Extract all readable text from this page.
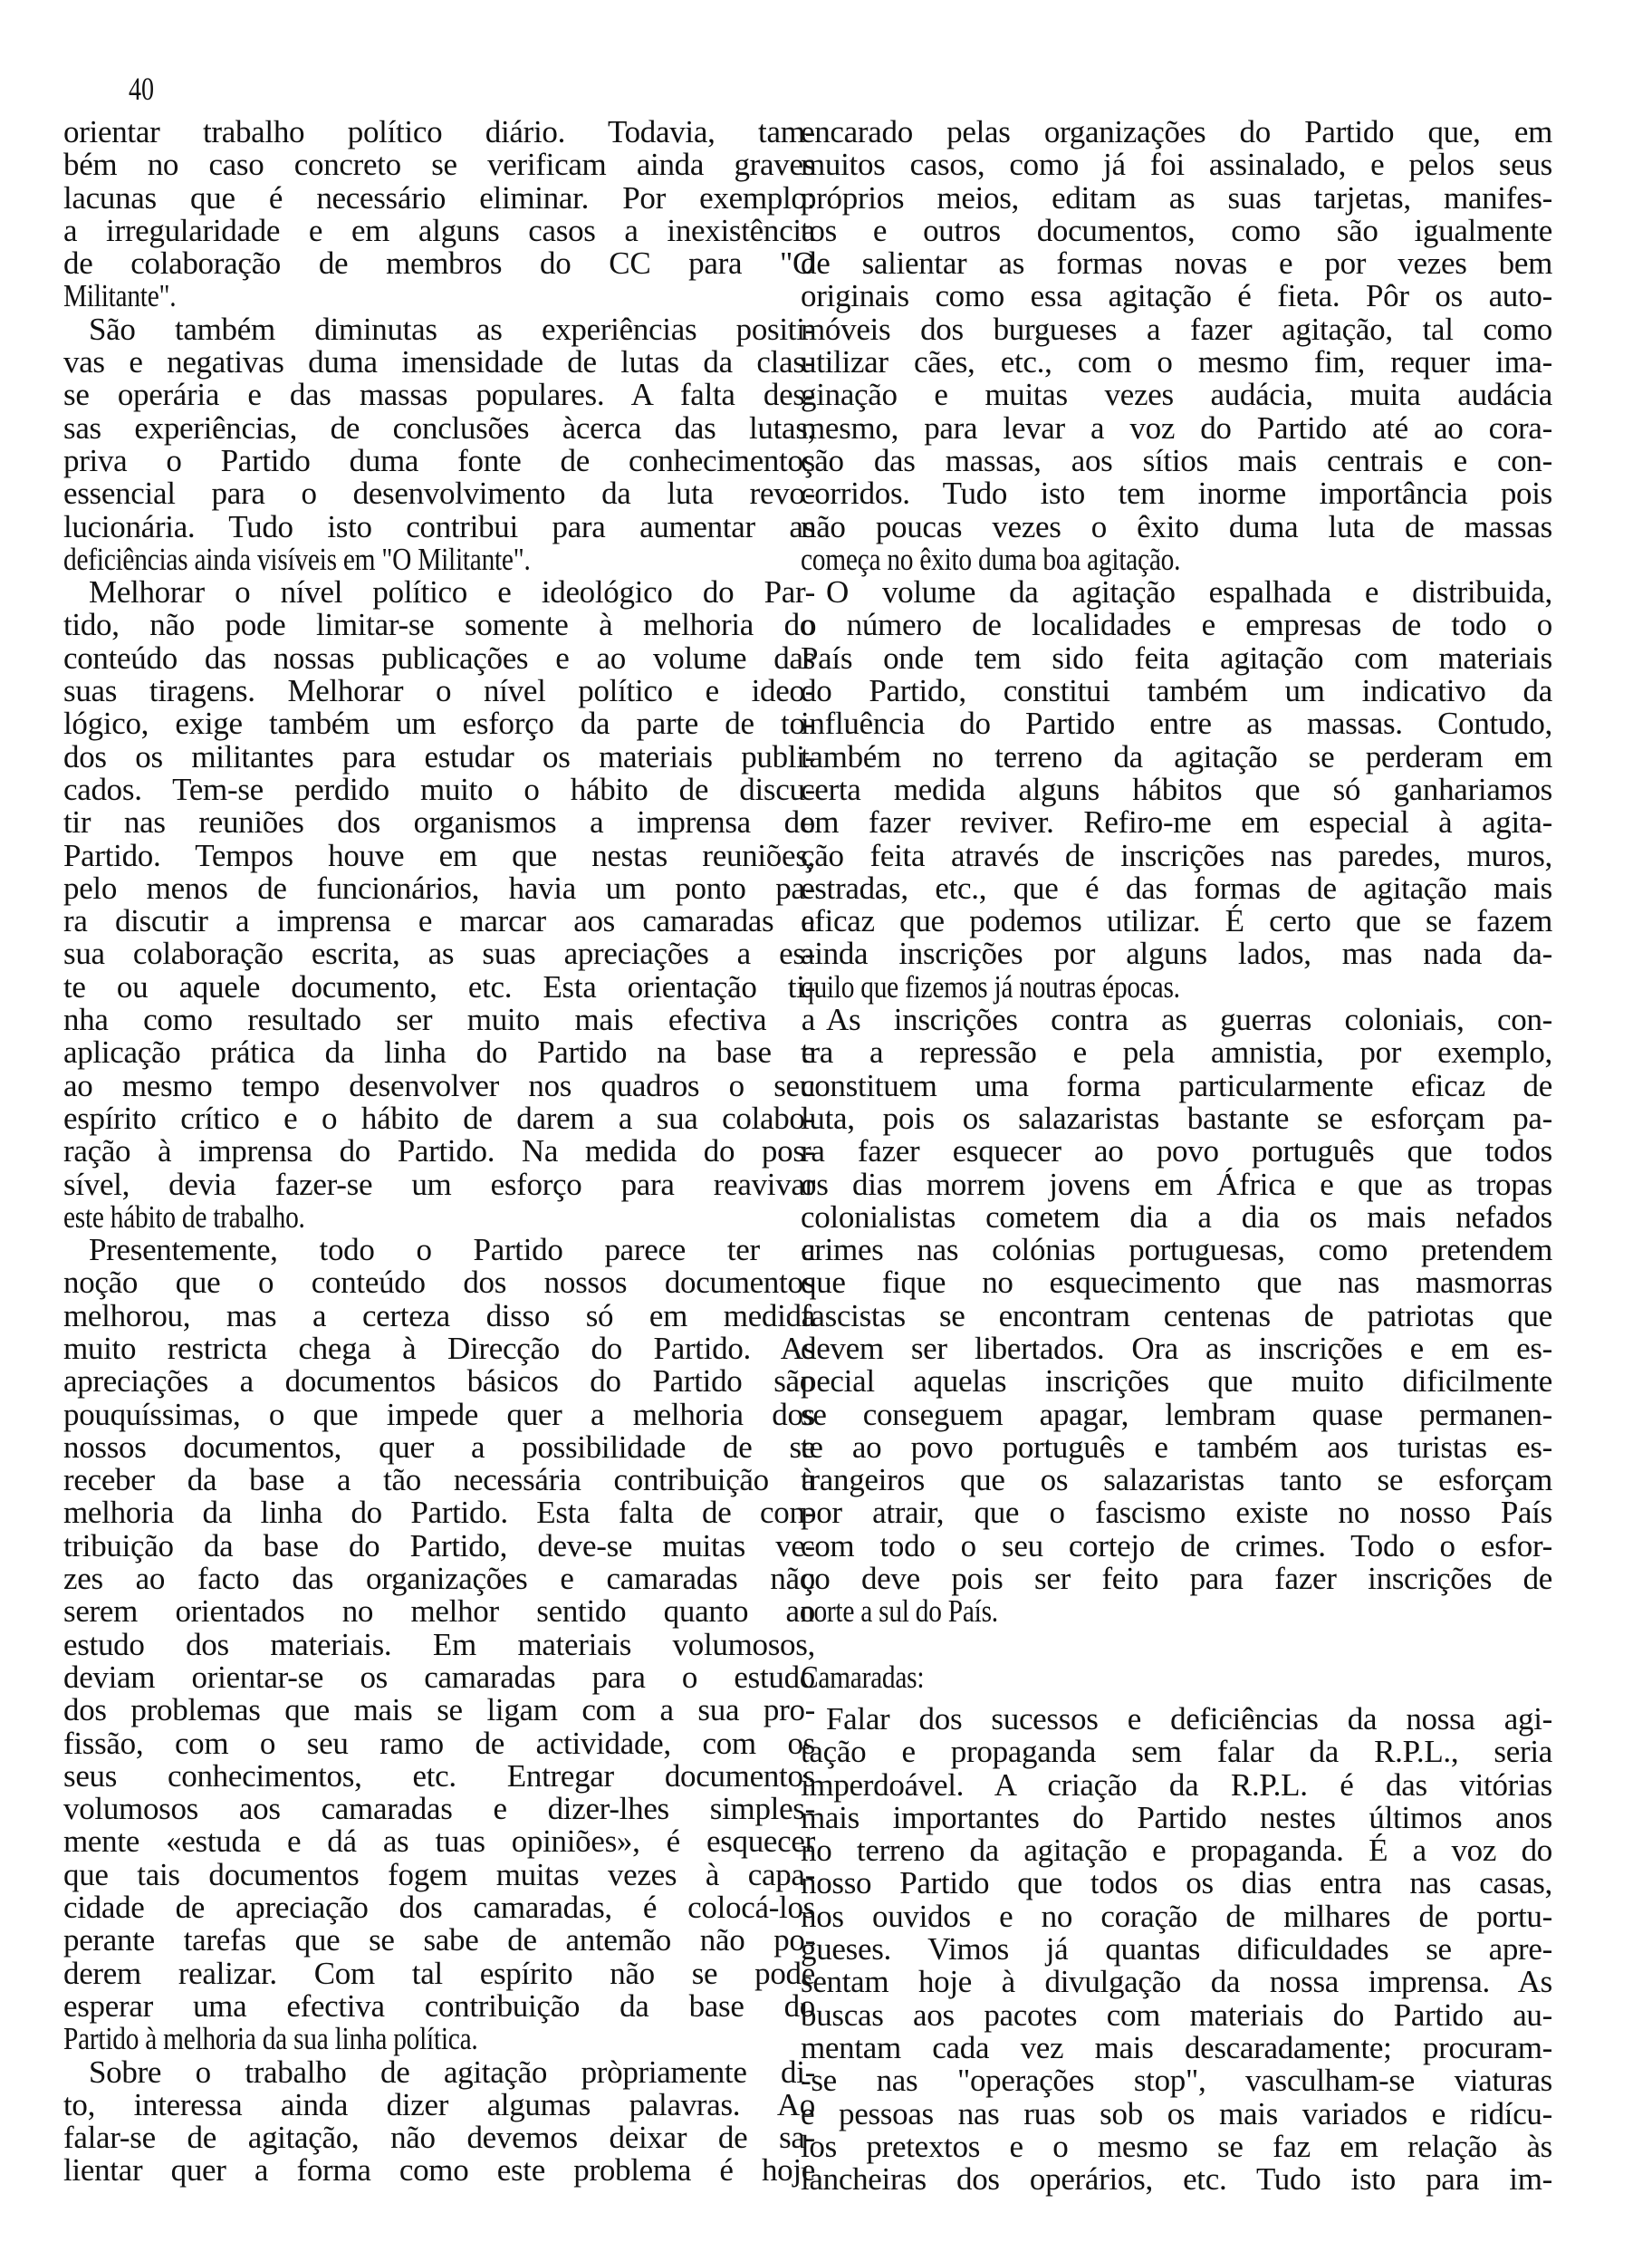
40
orientar trabalho político diário. Todavia, tam-
bém no caso concreto se verificam ainda graves
lacunas que é necessário eliminar. Por exemplo:
a irregularidade e em alguns casos a inexistência
de colaboração de membros do CC para "O
Militante".
São também diminutas as experiências positi-
vas e negativas duma imensidade de lutas da clas-
se operária e das massas populares. A falta des-
sas experiências, de conclusões àcerca das lutas,
priva o Partido duma fonte de conhecimentos
essencial para o desenvolvimento da luta revo-
lucionária. Tudo isto contribui para aumentar as
deficiências ainda visíveis em "O Militante".
Melhorar o nível político e ideológico do Par-
tido, não pode limitar-se somente à melhoria do
conteúdo das nossas publicações e ao volume das
suas tiragens. Melhorar o nível político e ideo-
lógico, exige também um esforço da parte de to-
dos os militantes para estudar os materiais publi-
cados. Tem-se perdido muito o hábito de discu-
tir nas reuniões dos organismos a imprensa do
Partido. Tempos houve em que nestas reuniões,
pelo menos de funcionários, havia um ponto pa-
ra discutir a imprensa e marcar aos camaradas a
sua colaboração escrita, as suas apreciações a es-
te ou aquele documento, etc. Esta orientação ti-
nha como resultado ser muito mais efectiva a
aplicação prática da linha do Partido na base e
ao mesmo tempo desenvolver nos quadros o seu
espírito crítico e o hábito de darem a sua colabo-
ração à imprensa do Partido. Na medida do pos-
sível, devia fazer-se um esforço para reavivar
este hábito de trabalho.
Presentemente, todo o Partido parece ter a
noção que o conteúdo dos nossos documentos
melhorou, mas a certeza disso só em medida
muito restricta chega à Direcção do Partido. As
apreciações a documentos básicos do Partido são
pouquíssimas, o que impede quer a melhoria dos
nossos documentos, quer a possibilidade de se
receber da base a tão necessária contribuição à
melhoria da linha do Partido. Esta falta de con-
tribuição da base do Partido, deve-se muitas ve-
zes ao facto das organizações e camaradas não
serem orientados no melhor sentido quanto ao
estudo dos materiais. Em materiais volumosos,
deviam orientar-se os camaradas para o estudo
dos problemas que mais se ligam com a sua pro-
fissão, com o seu ramo de actividade, com os
seus conhecimentos, etc. Entregar documentos
volumosos aos camaradas e dizer-lhes simples-
mente «estuda e dá as tuas opiniões», é esquecer
que tais documentos fogem muitas vezes à capa-
cidade de apreciação dos camaradas, é colocá-los
perante tarefas que se sabe de antemão não po-
derem realizar. Com tal espírito não se pode
esperar uma efectiva contribuição da base do
Partido à melhoria da sua linha política.
Sobre o trabalho de agitação pròpriamente di-
to, interessa ainda dizer algumas palavras. Ao
falar-se de agitação, não devemos deixar de sa-
lientar quer a forma como este problema é hoje
encarado pelas organizações do Partido que, em
muitos casos, como já foi assinalado, e pelos seus
próprios meios, editam as suas tarjetas, manifes-
tos e outros documentos, como são igualmente
de salientar as formas novas e por vezes bem
originais como essa agitação é fieta. Pôr os auto-
móveis dos burgueses a fazer agitação, tal como
utilizar cães, etc., com o mesmo fim, requer ima-
ginação e muitas vezes audácia, muita audácia
mesmo, para levar a voz do Partido até ao cora-
ção das massas, aos sítios mais centrais e con-
corridos. Tudo isto tem inorme importância pois
não poucas vezes o êxito duma luta de massas
começa no êxito duma boa agitação.
O volume da agitação espalhada e distribuida,
o número de localidades e empresas de todo o
País onde tem sido feita agitação com materiais
do Partido, constitui também um indicativo da
influência do Partido entre as massas. Contudo,
também no terreno da agitação se perderam em
certa medida alguns hábitos que só ganhariamos
em fazer reviver. Refiro-me em especial à agita-
ção feita através de inscrições nas paredes, muros,
estradas, etc., que é das formas de agitação mais
eficaz que podemos utilizar. É certo que se fazem
ainda inscrições por alguns lados, mas nada da-
quilo que fizemos já noutras épocas.
As inscrições contra as guerras coloniais, con-
tra a repressão e pela amnistia, por exemplo,
constituem uma forma particularmente eficaz de
luta, pois os salazaristas bastante se esforçam pa-
ra fazer esquecer ao povo português que todos
os dias morrem jovens em África e que as tropas
colonialistas cometem dia a dia os mais nefados
crimes nas colónias portuguesas, como pretendem
que fique no esquecimento que nas masmorras
fascistas se encontram centenas de patriotas que
devem ser libertados. Ora as inscrições e em es-
pecial aquelas inscrições que muito dificilmente
se conseguem apagar, lembram quase permanen-
te ao povo português e também aos turistas es-
trangeiros que os salazaristas tanto se esforçam
por atrair, que o fascismo existe no nosso País
com todo o seu cortejo de crimes. Todo o esfor-
ço deve pois ser feito para fazer inscrições de
norte a sul do País.
Camaradas:
Falar dos sucessos e deficiências da nossa agi-
tação e propaganda sem falar da R.P.L., seria
imperdoável. A criação da R.P.L. é das vitórias
mais importantes do Partido nestes últimos anos
no terreno da agitação e propaganda. É a voz do
nosso Partido que todos os dias entra nas casas,
nos ouvidos e no coração de milhares de portu-
gueses. Vimos já quantas dificuldades se apre-
sentam hoje à divulgação da nossa imprensa. As
buscas aos pacotes com materiais do Partido au-
mentam cada vez mais descaradamente; procuram-
-se nas "operações stop", vasculham-se viaturas
e pessoas nas ruas sob os mais variados e ridícu-
los pretextos e o mesmo se faz em relação às
lancheiras dos operários, etc. Tudo isto para im-
